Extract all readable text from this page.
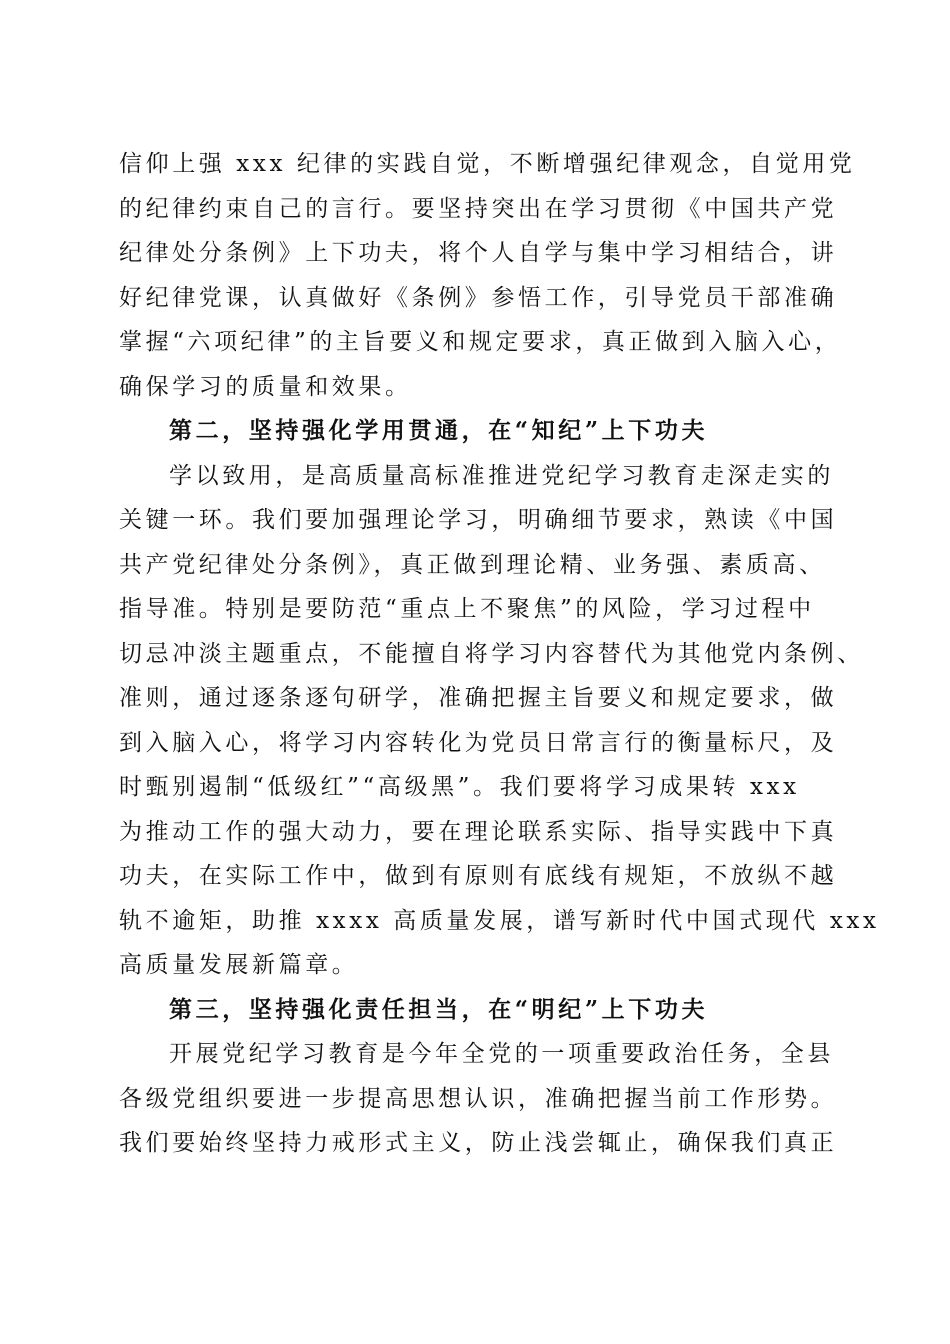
信仰上强 xxx 纪律的实践自觉，不断增强纪律观念，自觉用党
的纪律约束自己的言行。要坚持突出在学习贯彻《中国共产党
纪律处分条例》上下功夫，将个人自学与集中学习相结合，讲
好纪律党课，认真做好《条例》参悟工作，引导党员干部准确
掌握“六项纪律”的主旨要义和规定要求，真正做到入脑入心，
确保学习的质量和效果。
第二，坚持强化学用贯通，在“知纪”上下功夫
学以致用，是高质量高标准推进党纪学习教育走深走实的
关键一环。我们要加强理论学习，明确细节要求，熟读《中国
共产党纪律处分条例》，真正做到理论精、业务强、素质高、
指导准。特别是要防范“重点上不聚焦”的风险，学习过程中
切忌冲淡主题重点，不能擅自将学习内容替代为其他党内条例、
准则，通过逐条逐句研学，准确把握主旨要义和规定要求，做
到入脑入心，将学习内容转化为党员日常言行的衡量标尺，及
时甄别遏制“低级红”“高级黑”。我们要将学习成果转 xxx
为推动工作的强大动力，要在理论联系实际、指导实践中下真
功夫，在实际工作中，做到有原则有底线有规矩，不放纵不越
轨不逾矩，助推 xxxx 高质量发展，谱写新时代中国式现代 xxx
高质量发展新篇章。
第三，坚持强化责任担当，在“明纪”上下功夫
开展党纪学习教育是今年全党的一项重要政治任务，全县
各级党组织要进一步提高思想认识，准确把握当前工作形势。
我们要始终坚持力戒形式主义，防止浅尝辄止，确保我们真正
